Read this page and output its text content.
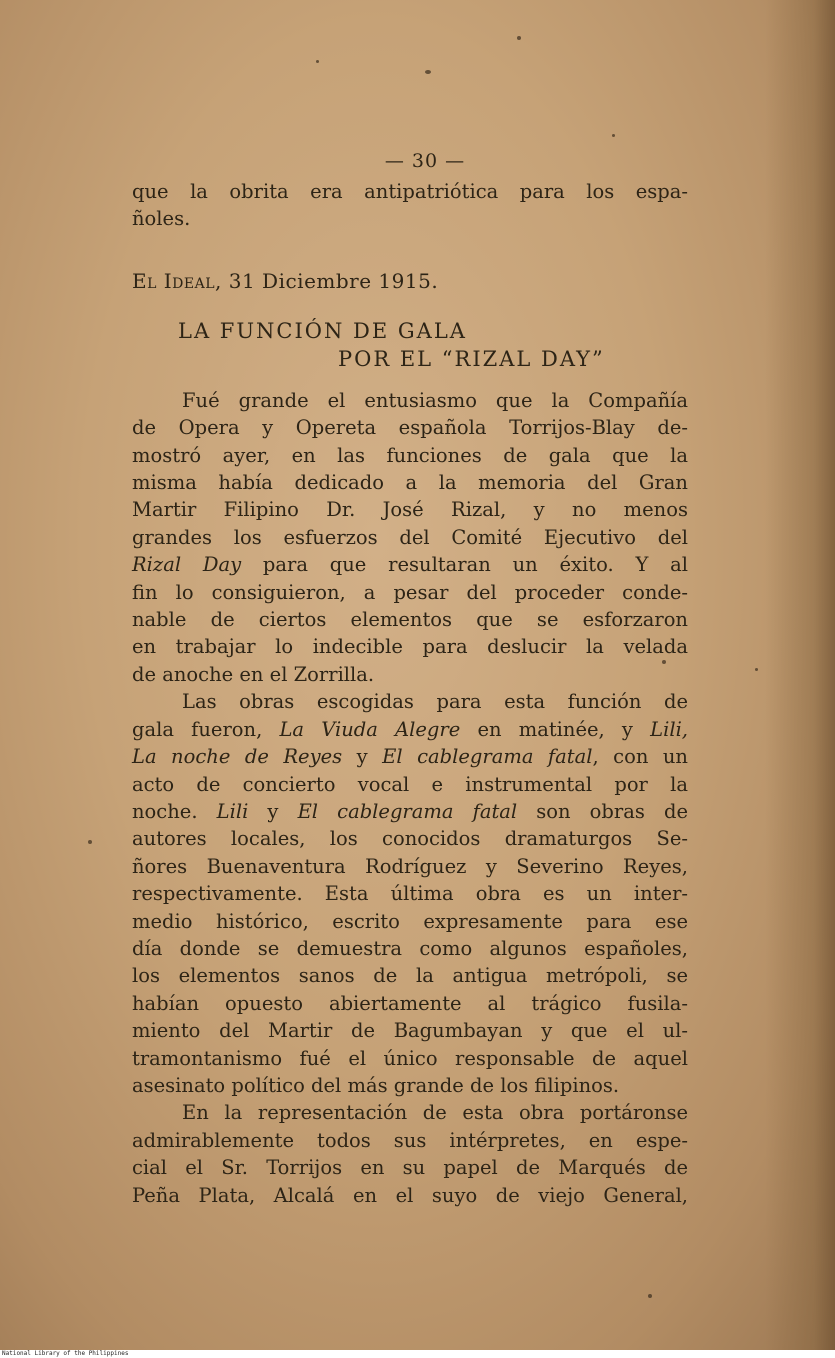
— 30 —
que la obrita era antipatriótica para los espa-
ñoles.
El Ideal, 31 Diciembre 1915.
LA FUNCIÓN DE GALA
POR EL “RIZAL DAY”
Fué grande el entusiasmo que la Compañía
de Opera y Opereta española Torrijos-Blay de-
mostró ayer, en las funciones de gala que la
misma había dedicado a la memoria del Gran
Martir Filipino Dr. José Rizal, y no menos
grandes los esfuerzos del Comité Ejecutivo del
Rizal Day para que resultaran un éxito. Y al
fin lo consiguieron, a pesar del proceder conde-
nable de ciertos elementos que se esforzaron
en trabajar lo indecible para deslucir la velada
de anoche en el Zorrilla.
Las obras escogidas para esta función de
gala fueron, La Viuda Alegre en matinée, y Lili,
La noche de Reyes y El cablegrama fatal, con un
acto de concierto vocal e instrumental por la
noche. Lili y El cablegrama fatal son obras de
autores locales, los conocidos dramaturgos Se-
ñores Buenaventura Rodríguez y Severino Reyes,
respectivamente. Esta última obra es un inter-
medio histórico, escrito expresamente para ese
día donde se demuestra como algunos españoles,
los elementos sanos de la antigua metrópoli, se
habían opuesto abiertamente al trágico fusila-
miento del Martir de Bagumbayan y que el ul-
tramontanismo fué el único responsable de aquel
asesinato político del más grande de los filipinos.
En la representación de esta obra portáronse
admirablemente todos sus intérpretes, en espe-
cial el Sr. Torrijos en su papel de Marqués de
Peña Plata, Alcalá en el suyo de viejo General,
National Library of the Philippines
